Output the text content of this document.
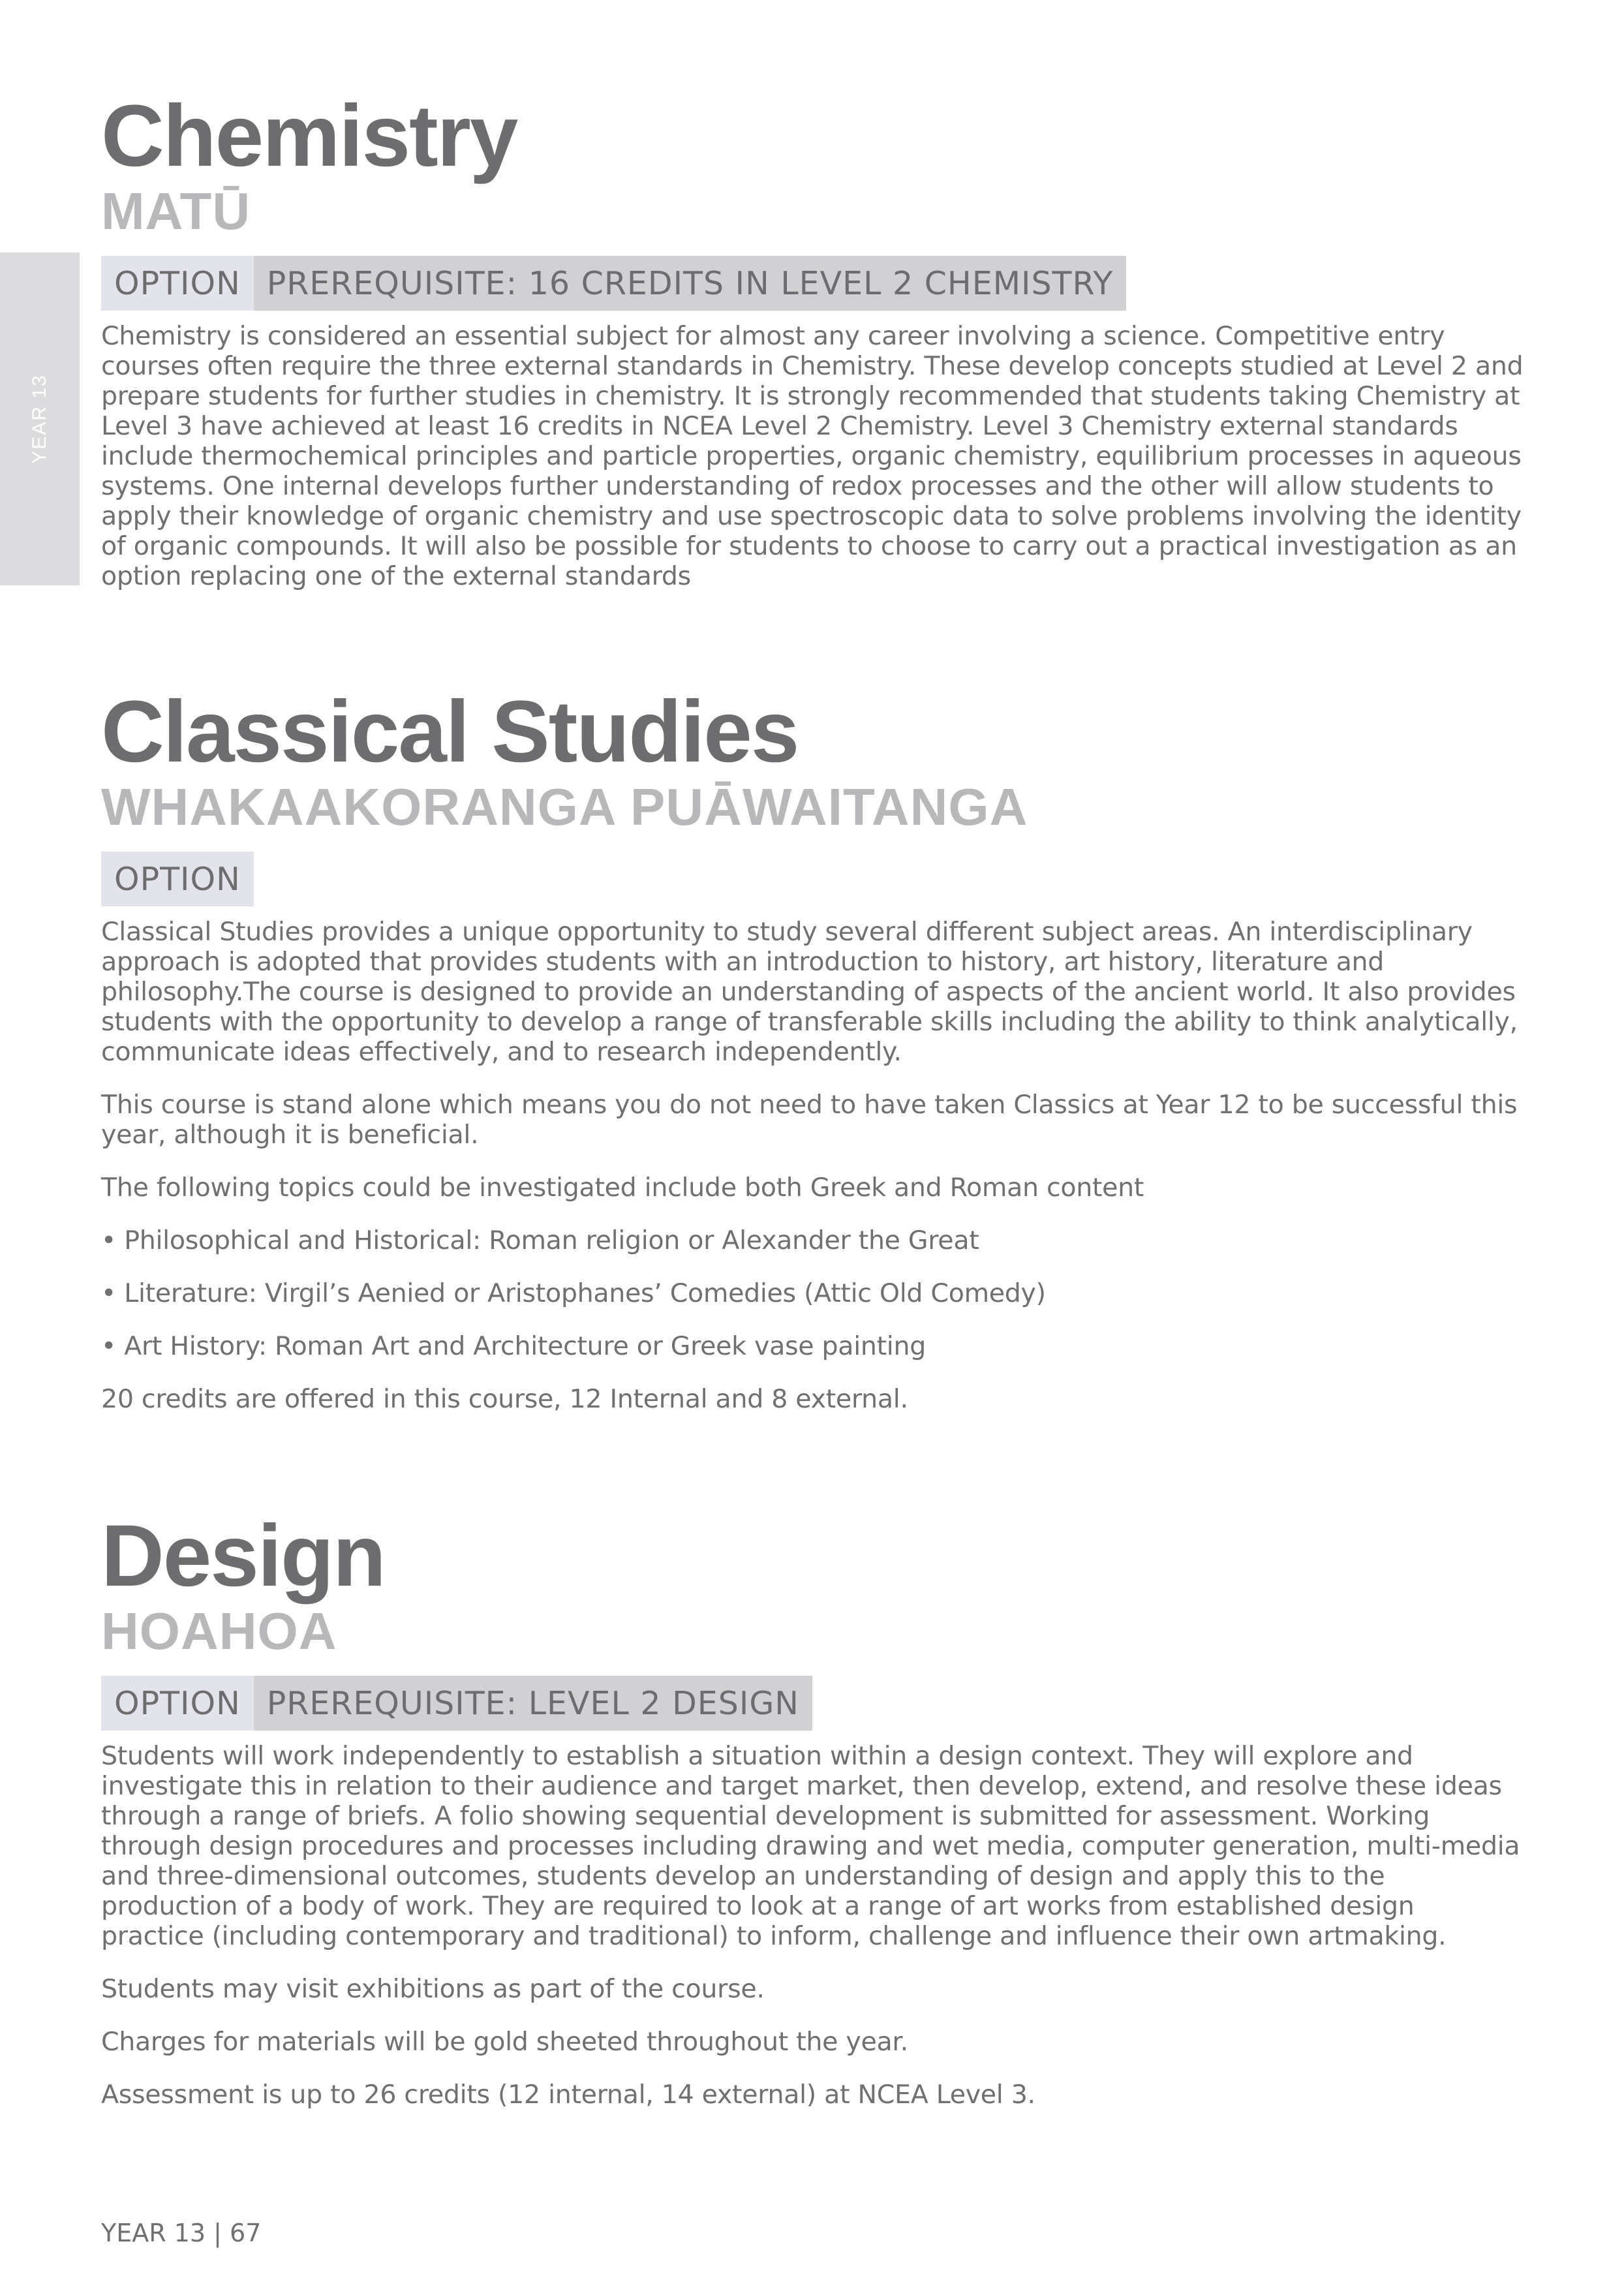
YEAR 13
Chemistry
MATŪ
OPTION PREREQUISITE: 16 CREDITS IN LEVEL 2 CHEMISTRY

Chemistry is considered an essential subject for almost any career involving a science. Competitive entry courses often require the three external standards in Chemistry. These develop concepts studied at Level 2 and prepare students for further studies in chemistry. It is strongly recommended that students taking Chemistry at Level 3 have achieved at least 16 credits in NCEA Level 2 Chemistry. Level 3 Chemistry external standards include thermochemical principles and particle properties, organic chemistry, equilibrium processes in aqueous systems. One internal develops further understanding of redox processes and the other will allow students to apply their knowledge of organic chemistry and use spectroscopic data to solve problems involving the identity of organic compounds. It will also be possible for students to choose to carry out a practical investigation as an option replacing one of the external standards

Classical Studies
WHAKAAKORANGA PUĀWAITANGA
OPTION

Classical Studies provides a unique opportunity to study several different subject areas. An interdisciplinary approach is adopted that provides students with an introduction to history, art history, literature and philosophy.The course is designed to provide an understanding of aspects of the ancient world. It also provides students with the opportunity to develop a range of transferable skills including the ability to think analytically, communicate ideas effectively, and to research independently.

This course is stand alone which means you do not need to have taken Classics at Year 12 to be successful this year, although it is beneficial.

The following topics could be investigated include both Greek and Roman content

• Philosophical and Historical: Roman religion or Alexander the Great

• Literature: Virgil’s Aenied or Aristophanes’ Comedies (Attic Old Comedy)

• Art History: Roman Art and Architecture or Greek vase painting

20 credits are offered in this course, 12 Internal and 8 external.

Design
HOAHOA
OPTION PREREQUISITE: LEVEL 2 DESIGN

Students will work independently to establish a situation within a design context. They will explore and investigate this in relation to their audience and target market, then develop, extend, and resolve these ideas through a range of briefs. A folio showing sequential development is submitted for assessment. Working through design procedures and processes including drawing and wet media, computer generation, multi-media and three-dimensional outcomes, students develop an understanding of design and apply this to the production of a body of work. They are required to look at a range of art works from established design practice (including contemporary and traditional) to inform, challenge and influence their own artmaking.

Students may visit exhibitions as part of the course.

Charges for materials will be gold sheeted throughout the year.

Assessment is up to 26 credits (12 internal, 14 external) at NCEA Level 3.

YEAR 13 | 67
